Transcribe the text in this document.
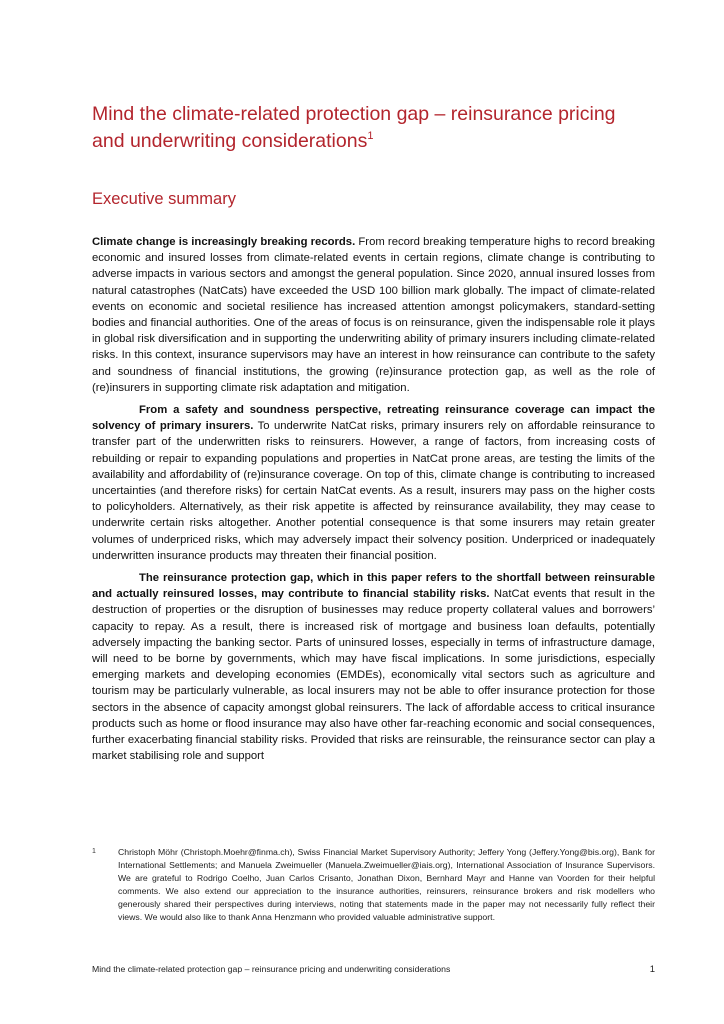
Mind the climate-related protection gap – reinsurance pricing and underwriting considerations$^1$
Executive summary

Climate change is increasingly breaking records. From record breaking temperature highs to record breaking economic and insured losses from climate-related events in certain regions, climate change is contributing to adverse impacts in various sectors and amongst the general population. Since 2020, annual insured losses from natural catastrophes (NatCats) have exceeded the USD 100 billion mark globally. The impact of climate-related events on economic and societal resilience has increased attention amongst policymakers, standard-setting bodies and financial authorities. One of the areas of focus is on reinsurance, given the indispensable role it plays in global risk diversification and in supporting the underwriting ability of primary insurers including climate-related risks. In this context, insurance supervisors may have an interest in how reinsurance can contribute to the safety and soundness of financial institutions, the growing (re)insurance protection gap, as well as the role of (re)insurers in supporting climate risk adaptation and mitigation.

From a safety and soundness perspective, retreating reinsurance coverage can impact the solvency of primary insurers. To underwrite NatCat risks, primary insurers rely on affordable reinsurance to transfer part of the underwritten risks to reinsurers. However, a range of factors, from increasing costs of rebuilding or repair to expanding populations and properties in NatCat prone areas, are testing the limits of the availability and affordability of (re)insurance coverage. On top of this, climate change is contributing to increased uncertainties (and therefore risks) for certain NatCat events. As a result, insurers may pass on the higher costs to policyholders. Alternatively, as their risk appetite is affected by reinsurance availability, they may cease to underwrite certain risks altogether. Another potential consequence is that some insurers may retain greater volumes of underpriced risks, which may adversely impact their solvency position. Underpriced or inadequately underwritten insurance products may threaten their financial position.

The reinsurance protection gap, which in this paper refers to the shortfall between reinsurable and actually reinsured losses, may contribute to financial stability risks. NatCat events that result in the destruction of properties or the disruption of businesses may reduce property collateral values and borrowers’ capacity to repay. As a result, there is increased risk of mortgage and business loan defaults, potentially adversely impacting the banking sector. Parts of uninsured losses, especially in terms of infrastructure damage, will need to be borne by governments, which may have fiscal implications. In some jurisdictions, especially emerging markets and developing economies (EMDEs), economically vital sectors such as agriculture and tourism may be particularly vulnerable, as local insurers may not be able to offer insurance protection for those sectors in the absence of capacity amongst global reinsurers. The lack of affordable access to critical insurance products such as home or flood insurance may also have other far-reaching economic and social consequences, further exacerbating financial stability risks. Provided that risks are reinsurable, the reinsurance sector can play a market stabilising role and support

1	Christoph Möhr (Christoph.Moehr@finma.ch), Swiss Financial Market Supervisory Authority; Jeffery Yong (Jeffery.Yong@bis.org), Bank for International Settlements; and Manuela Zweimueller (Manuela.Zweimueller@iais.org), International Association of Insurance Supervisors. We are grateful to Rodrigo Coelho, Juan Carlos Crisanto, Jonathan Dixon, Bernhard Mayr and Hanne van Voorden for their helpful comments. We also extend our appreciation to the insurance authorities, reinsurers, reinsurance brokers and risk modellers who generously shared their perspectives during interviews, noting that statements made in the paper may not necessarily fully reflect their views. We would also like to thank Anna Henzmann who provided valuable administrative support.

Mind the climate-related protection gap – reinsurance pricing and underwriting considerations	1
